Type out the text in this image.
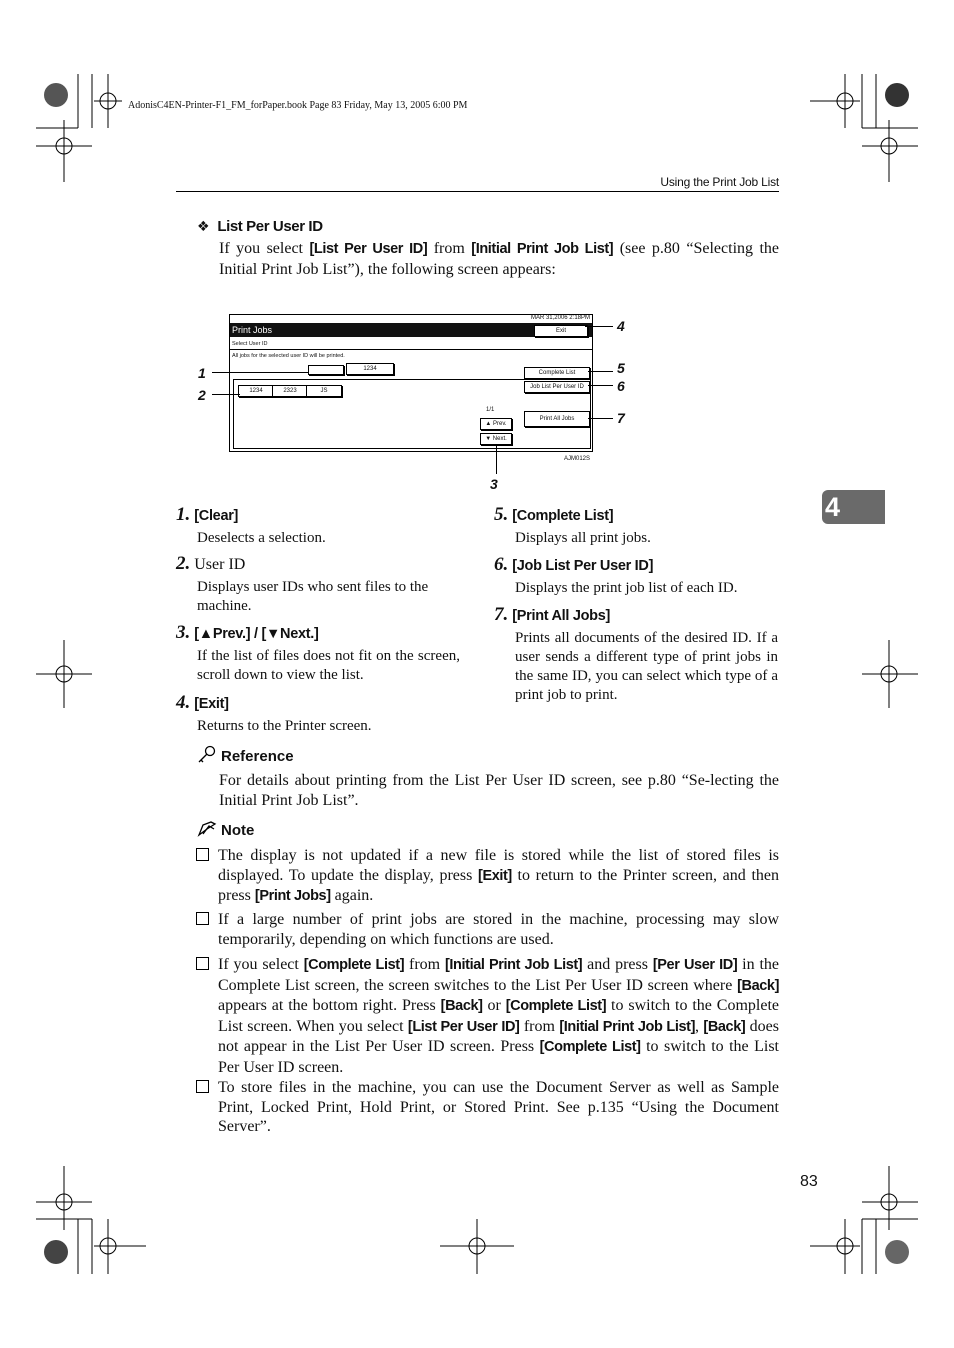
AdonisC4EN-Printer-F1_FM_forPaper.book Page 83 Friday, May 13, 2005 6:00 PM
Using the Print Job List
4
❖ List Per User ID
If you select [List Per User ID] from [Initial Print Job List] (see p.80 “Selecting the Initial Print Job List”), the following screen appears:
MAR 31,2006 2:18PM
Print Jobs	Exit
Select User ID
All jobs for the selected user ID will be printed.
1234
1234	2323	JS
1/1
▲ Prev.
▼ Next.
Complete List
Job List Per User ID
Print All Jobs
AJM012S
1
2
3
4
5
6
7
1. [Clear]
Deselects a selection.
2. User ID
Displays user IDs who sent files to the machine.
3. [▲Prev.] / [▼Next.]
If the list of files does not fit on the screen, scroll down to view the list.
4. [Exit]
Returns to the Printer screen.
5. [Complete List]
Displays all print jobs.
6. [Job List Per User ID]
Displays the print job list of each ID.
7. [Print All Jobs]
Prints all documents of the desired ID. If a user sends a different type of print jobs in the same ID, you can select which type of a print job to print.
Reference
For details about printing from the List Per User ID screen, see p.80 “Se-lecting the Initial Print Job List”.
Note
The display is not updated if a new file is stored while the list of stored files is displayed. To update the display, press [Exit] to return to the Printer screen, and then press [Print Jobs] again.
If a large number of print jobs are stored in the machine, processing may slow temporarily, depending on which functions are used.
If you select [Complete List] from [Initial Print Job List] and press [Per User ID] in the Complete List screen, the screen switches to the List Per User ID screen where [Back] appears at the bottom right. Press [Back] or [Complete List] to switch to the Complete List screen. When you select [List Per User ID] from [Initial Print Job List], [Back] does not appear in the List Per User ID screen. Press [Complete List] to switch to the List Per User ID screen.
To store files in the machine, you can use the Document Server as well as Sample Print, Locked Print, Hold Print, or Stored Print. See p.135 “Using the Document Server”.
83
